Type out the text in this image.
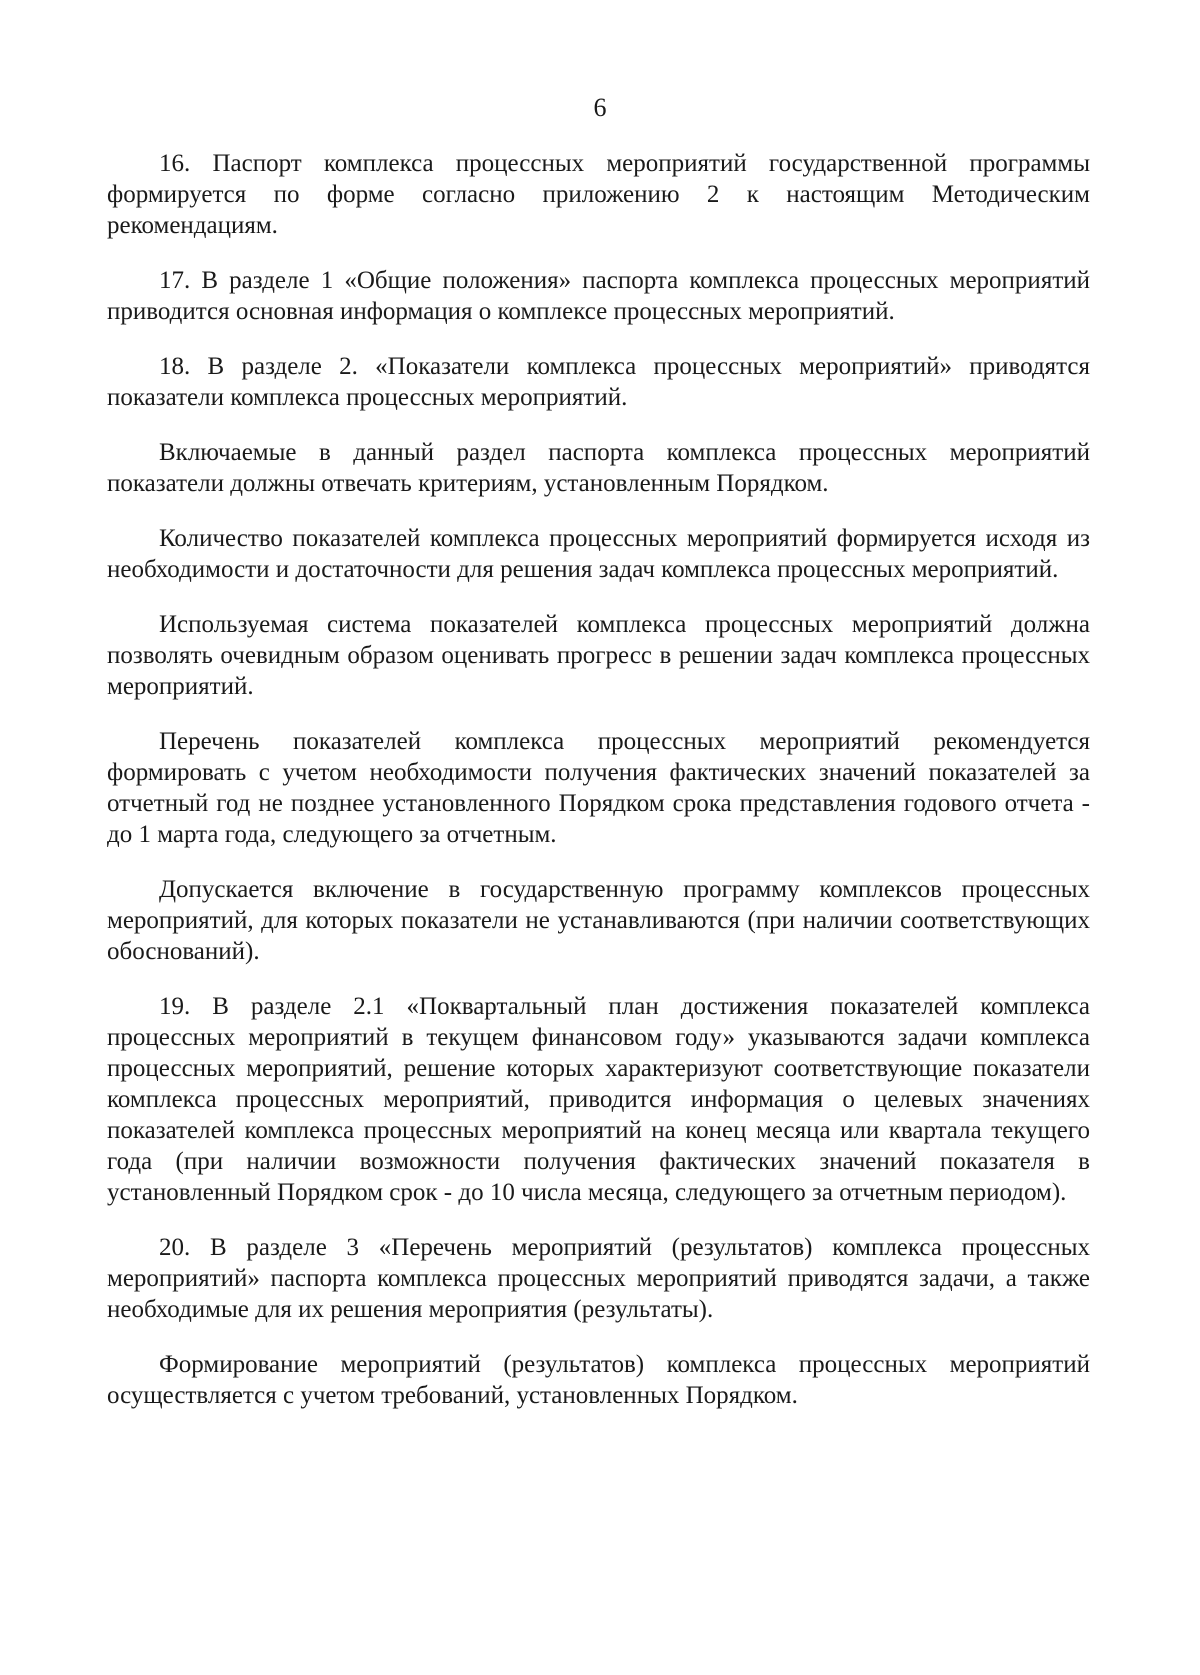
6

16. Паспорт комплекса процессных мероприятий государственной программы формируется по форме согласно приложению 2 к настоящим Методическим рекомендациям.

17. В разделе 1 «Общие положения» паспорта комплекса процессных мероприятий приводится основная информация о комплексе процессных мероприятий.

18. В разделе 2. «Показатели комплекса процессных мероприятий» приводятся показатели комплекса процессных мероприятий.

Включаемые в данный раздел паспорта комплекса процессных мероприятий показатели должны отвечать критериям, установленным Порядком.

Количество показателей комплекса процессных мероприятий формируется исходя из необходимости и достаточности для решения задач комплекса процессных мероприятий.

Используемая система показателей комплекса процессных мероприятий должна позволять очевидным образом оценивать прогресс в решении задач комплекса процессных мероприятий.

Перечень показателей комплекса процессных мероприятий рекомендуется формировать с учетом необходимости получения фактических значений показателей за отчетный год не позднее установленного Порядком срока представления годового отчета - до 1 марта года, следующего за отчетным.

Допускается включение в государственную программу комплексов процессных мероприятий, для которых показатели не устанавливаются (при наличии соответствующих обоснований).

19. В разделе 2.1 «Поквартальный план достижения показателей комплекса процессных мероприятий в текущем финансовом году» указываются задачи комплекса процессных мероприятий, решение которых характеризуют соответствующие показатели комплекса процессных мероприятий, приводится информация о целевых значениях показателей комплекса процессных мероприятий на конец месяца или квартала текущего года (при наличии возможности получения фактических значений показателя в установленный Порядком срок - до 10 числа месяца, следующего за отчетным периодом).

20. В разделе 3 «Перечень мероприятий (результатов) комплекса процессных мероприятий» паспорта комплекса процессных мероприятий приводятся задачи, а также необходимые для их решения мероприятия (результаты).

Формирование мероприятий (результатов) комплекса процессных мероприятий осуществляется с учетом требований, установленных Порядком.
